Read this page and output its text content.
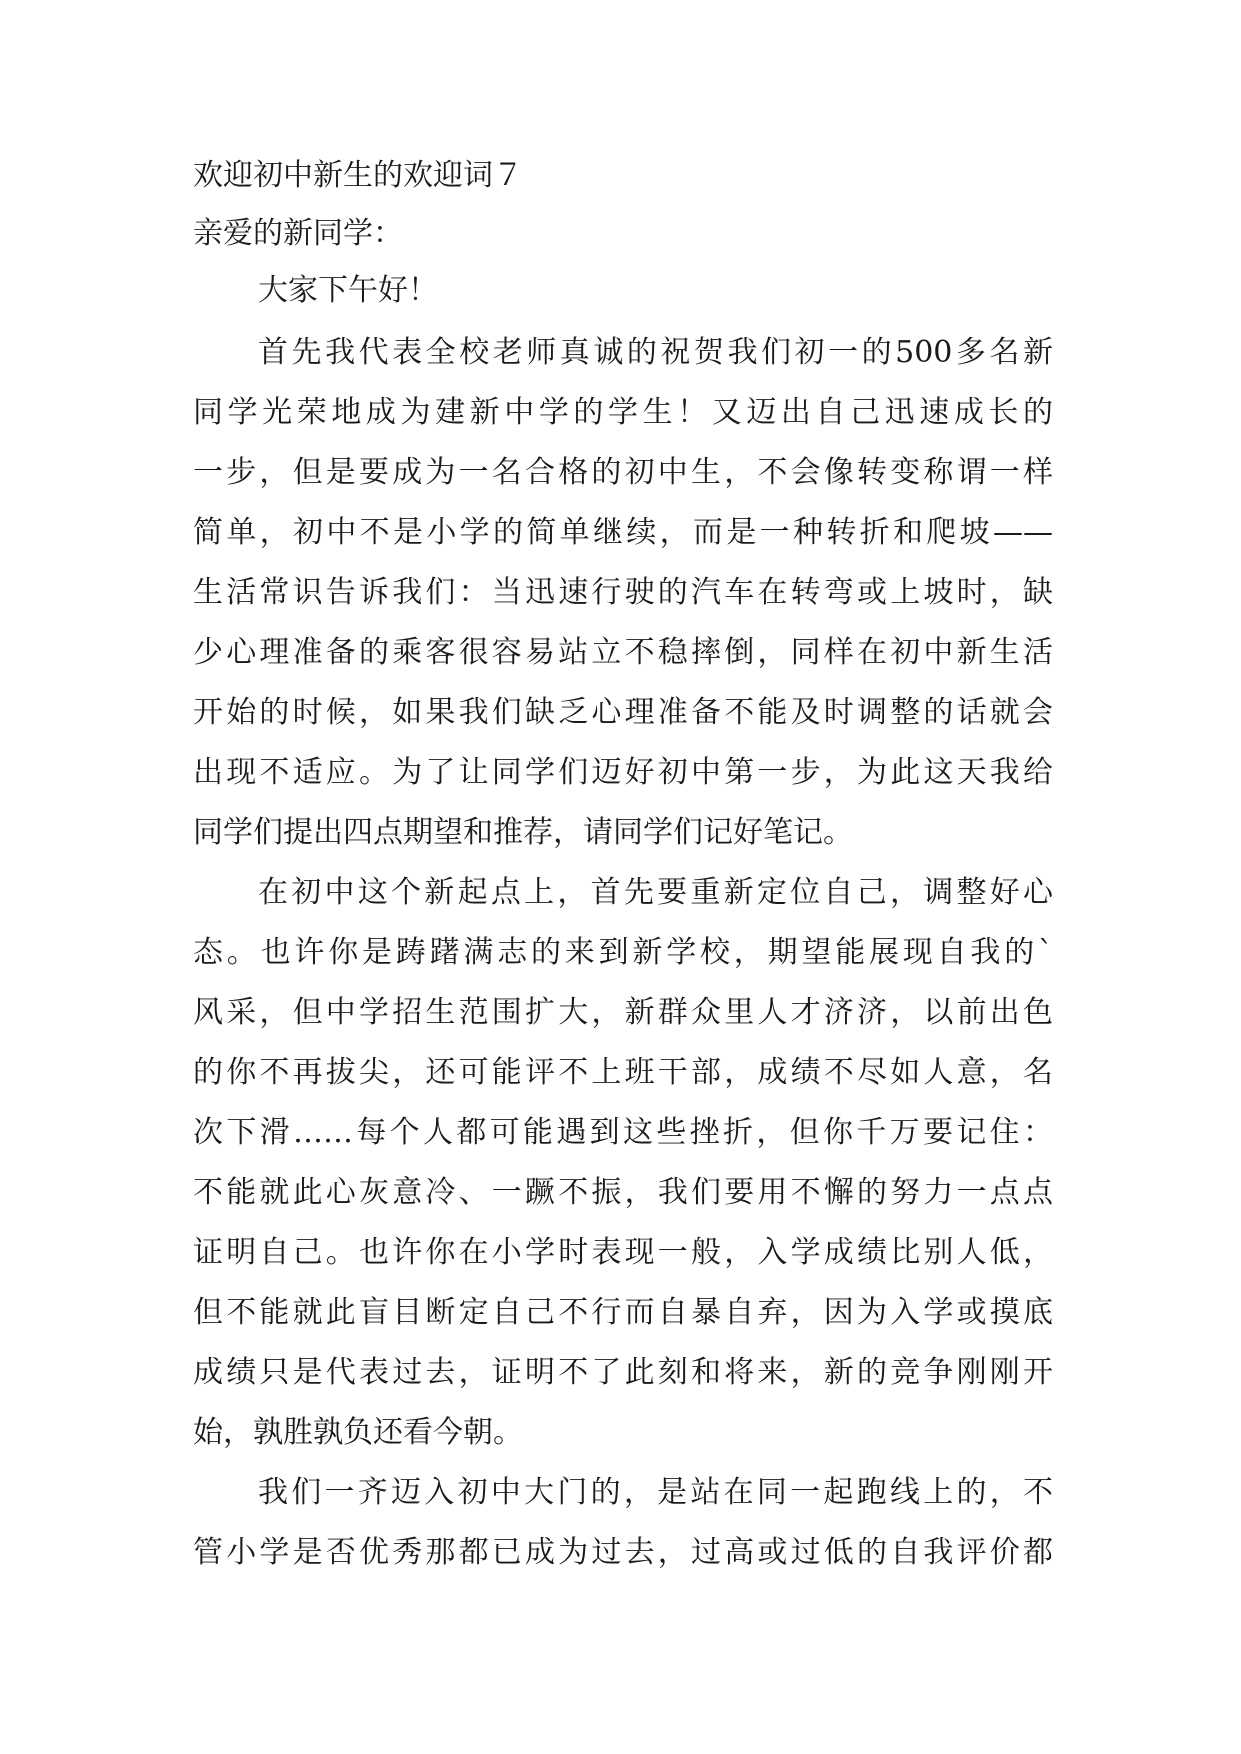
欢迎初中新生的欢迎词７
亲爱的新同学：
大家下午好！
首先我代表全校老师真诚的祝贺我们初一的500多名新
同学光荣地成为建新中学的学生！又迈出自己迅速成长的
一步，但是要成为一名合格的初中生，不会像转变称谓一样
简单，初中不是小学的简单继续，而是一种转折和爬坡——
生活常识告诉我们：当迅速行驶的汽车在转弯或上坡时，缺
少心理准备的乘客很容易站立不稳摔倒，同样在初中新生活
开始的时候，如果我们缺乏心理准备不能及时调整的话就会
出现不适应。为了让同学们迈好初中第一步，为此这天我给
同学们提出四点期望和推荐，请同学们记好笔记。
在初中这个新起点上，首先要重新定位自己，调整好心
态。也许你是踌躇满志的来到新学校，期望能展现自我的`
风采，但中学招生范围扩大，新群众里人才济济，以前出色
的你不再拔尖，还可能评不上班干部，成绩不尽如人意，名
次下滑……每个人都可能遇到这些挫折，但你千万要记住：
不能就此心灰意冷、一蹶不振，我们要用不懈的努力一点点
证明自己。也许你在小学时表现一般，入学成绩比别人低，
但不能就此盲目断定自己不行而自暴自弃，因为入学或摸底
成绩只是代表过去，证明不了此刻和将来，新的竞争刚刚开
始，孰胜孰负还看今朝。
我们一齐迈入初中大门的，是站在同一起跑线上的，不
管小学是否优秀那都已成为过去，过高或过低的自我评价都
